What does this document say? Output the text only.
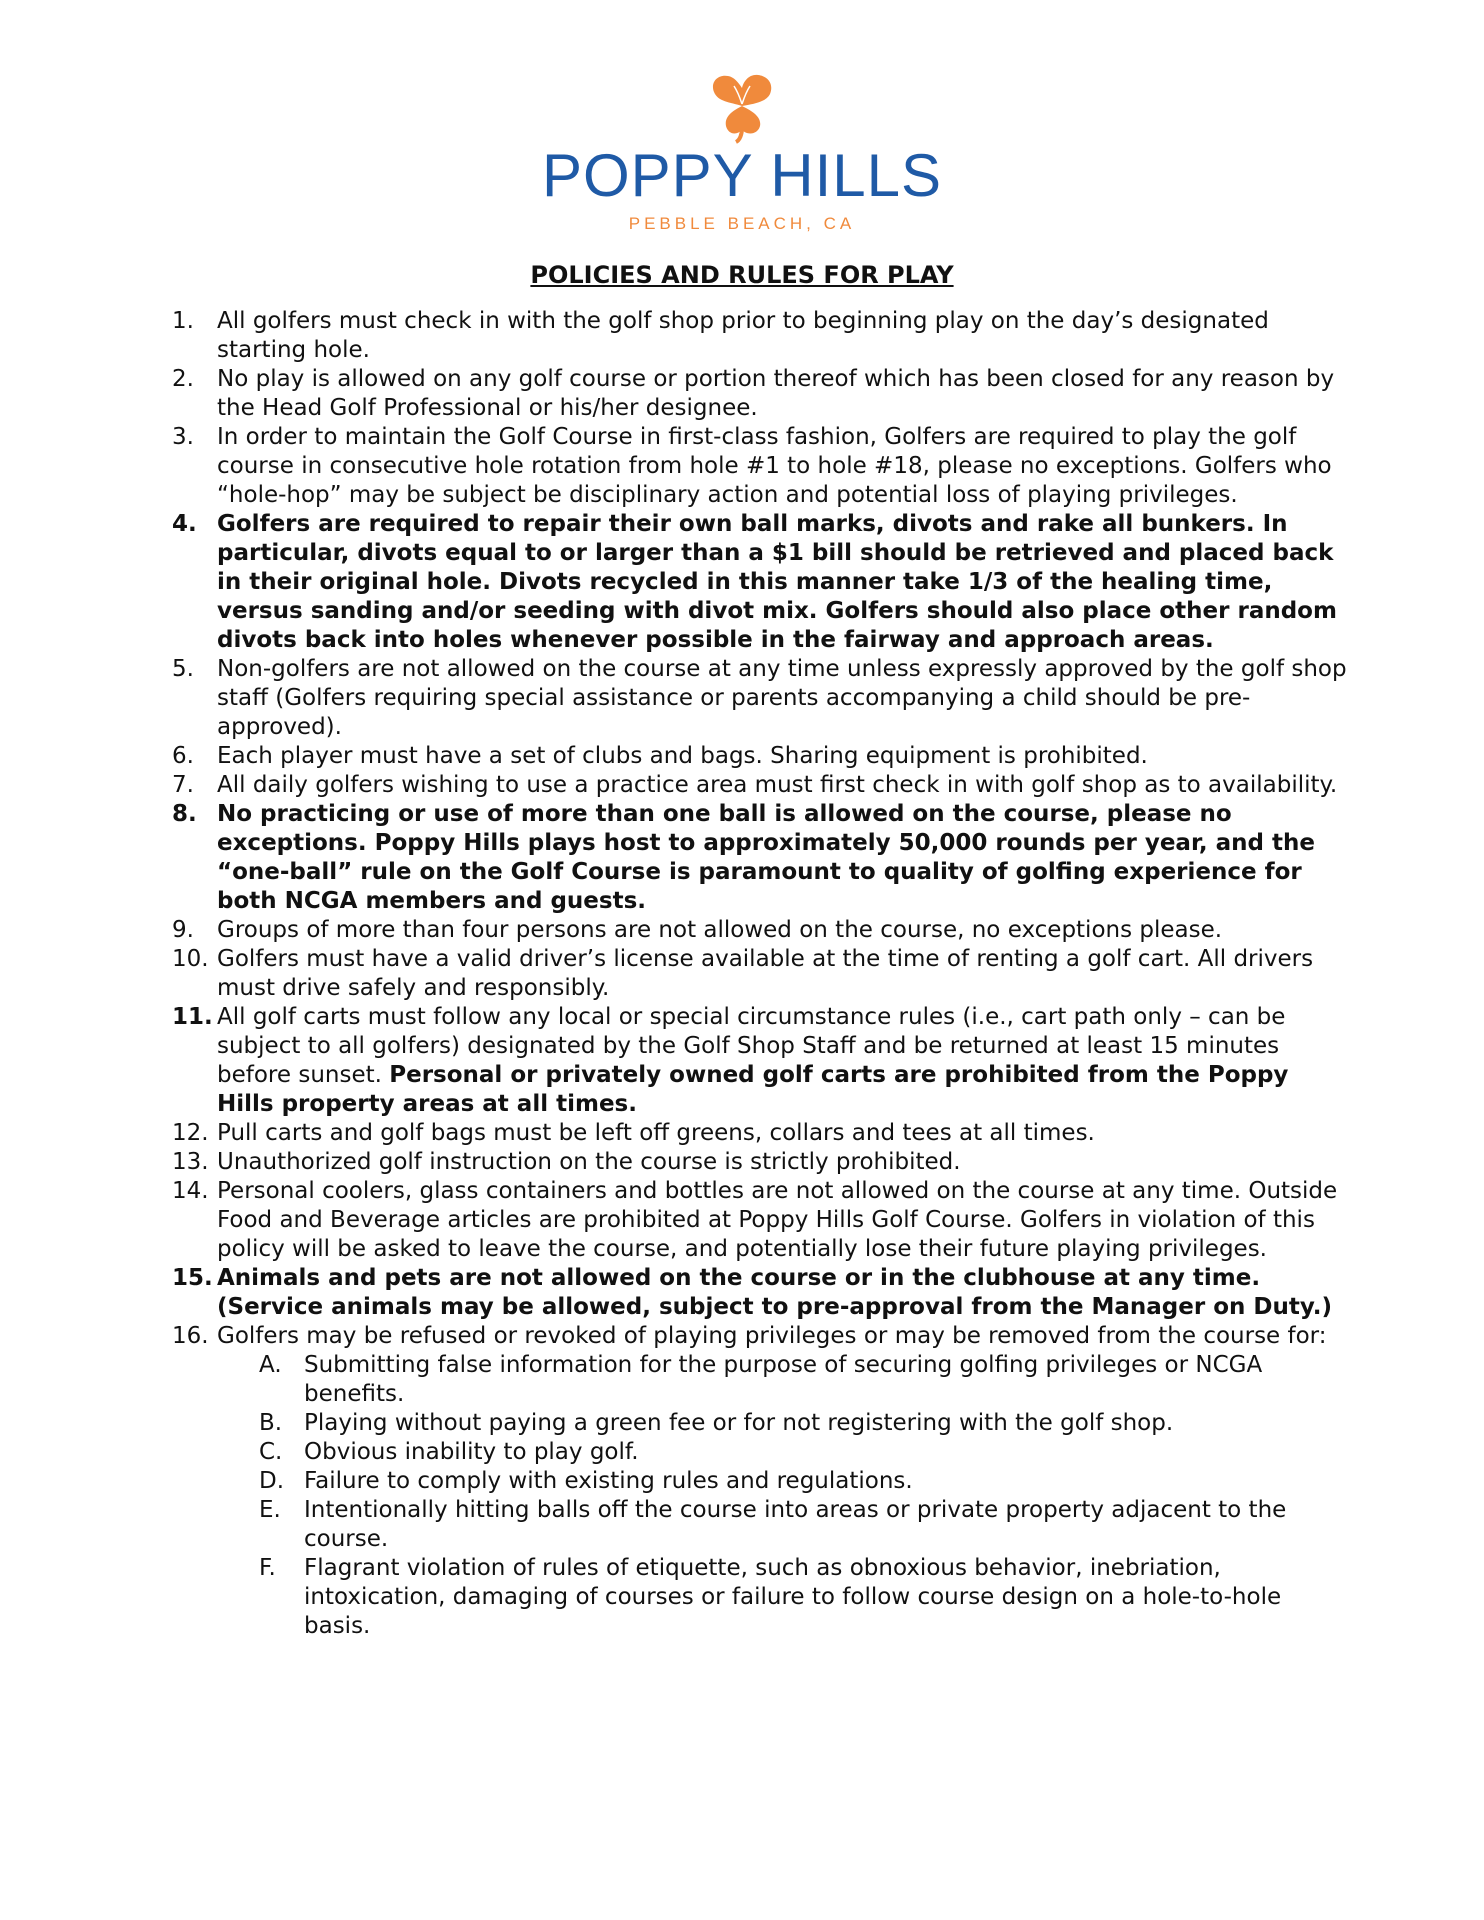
POPPY HILLS
PEBBLE BEACH, CA
POLICIES AND RULES FOR PLAY
1. All golfers must check in with the golf shop prior to beginning play on the day’s designated starting hole.
2. No play is allowed on any golf course or portion thereof which has been closed for any reason by the Head Golf Professional or his/her designee.
3. In order to maintain the Golf Course in first-class fashion, Golfers are required to play the golf course in consecutive hole rotation from hole #1 to hole #18, please no exceptions. Golfers who “hole-hop” may be subject be disciplinary action and potential loss of playing privileges.
4. Golfers are required to repair their own ball marks, divots and rake all bunkers. In particular, divots equal to or larger than a $1 bill should be retrieved and placed back in their original hole. Divots recycled in this manner take 1/3 of the healing time, versus sanding and/or seeding with divot mix. Golfers should also place other random divots back into holes whenever possible in the fairway and approach areas.
5. Non-golfers are not allowed on the course at any time unless expressly approved by the golf shop staff (Golfers requiring special assistance or parents accompanying a child should be pre-approved).
6. Each player must have a set of clubs and bags. Sharing equipment is prohibited.
7. All daily golfers wishing to use a practice area must first check in with golf shop as to availability.
8. No practicing or use of more than one ball is allowed on the course, please no exceptions. Poppy Hills plays host to approximately 50,000 rounds per year, and the “one-ball” rule on the Golf Course is paramount to quality of golfing experience for both NCGA members and guests.
9. Groups of more than four persons are not allowed on the course, no exceptions please.
10. Golfers must have a valid driver’s license available at the time of renting a golf cart. All drivers must drive safely and responsibly.
11. All golf carts must follow any local or special circumstance rules (i.e., cart path only – can be subject to all golfers) designated by the Golf Shop Staff and be returned at least 15 minutes before sunset. Personal or privately owned golf carts are prohibited from the Poppy Hills property areas at all times.
12. Pull carts and golf bags must be left off greens, collars and tees at all times.
13. Unauthorized golf instruction on the course is strictly prohibited.
14. Personal coolers, glass containers and bottles are not allowed on the course at any time. Outside Food and Beverage articles are prohibited at Poppy Hills Golf Course. Golfers in violation of this policy will be asked to leave the course, and potentially lose their future playing privileges.
15. Animals and pets are not allowed on the course or in the clubhouse at any time. (Service animals may be allowed, subject to pre-approval from the Manager on Duty.)
16. Golfers may be refused or revoked of playing privileges or may be removed from the course for:
A. Submitting false information for the purpose of securing golfing privileges or NCGA benefits.
B. Playing without paying a green fee or for not registering with the golf shop.
C. Obvious inability to play golf.
D. Failure to comply with existing rules and regulations.
E. Intentionally hitting balls off the course into areas or private property adjacent to the course.
F. Flagrant violation of rules of etiquette, such as obnoxious behavior, inebriation, intoxication, damaging of courses or failure to follow course design on a hole-to-hole basis.
